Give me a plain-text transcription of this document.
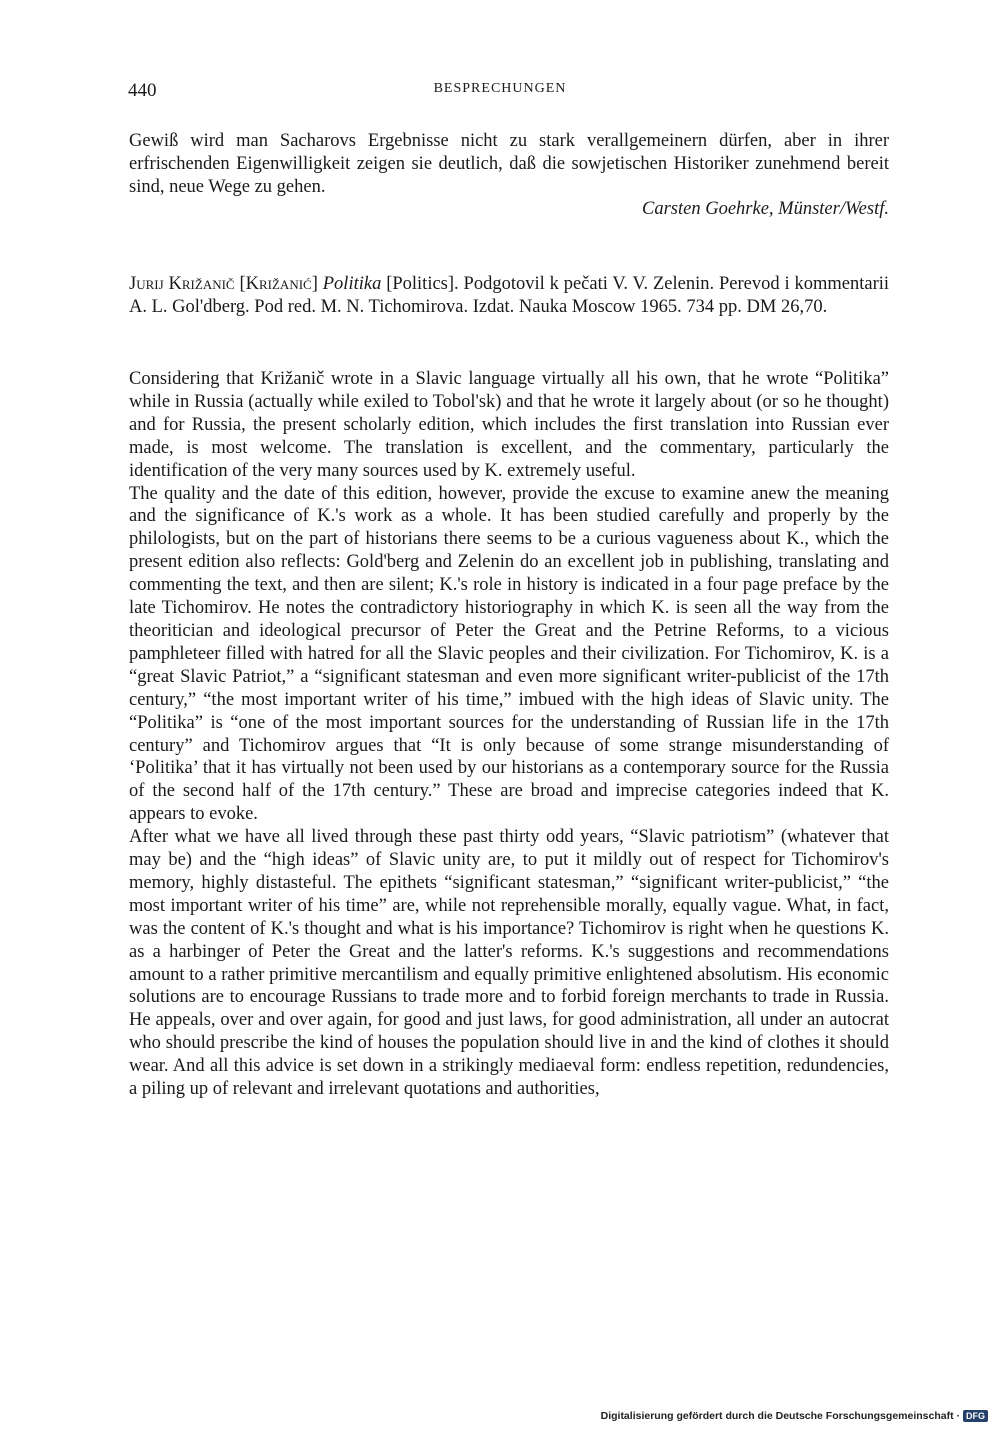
440	BESPRECHUNGEN
Gewiß wird man Sacharovs Ergebnisse nicht zu stark verallgemeinern dürfen, aber in ihrer erfrischenden Eigenwilligkeit zeigen sie deutlich, daß die sowjetischen Historiker zunehmend bereit sind, neue Wege zu gehen.
Carsten Goehrke, Münster/Westf.
Jurij Križanič [Križanić] Politika [Politics]. Podgotovil k pečati V. V. Zelenin. Perevod i kommentarii A. L. Gol'dberg. Pod red. M. N. Tichomirova. Izdat. Nauka Moscow 1965. 734 pp. DM 26,70.

Considering that Križanič wrote in a Slavic language virtually all his own, that he wrote “Politika” while in Russia (actually while exiled to Tobol'sk) and that he wrote it largely about (or so he thought) and for Russia, the present scholarly edition, which includes the first translation into Russian ever made, is most welcome. The translation is excellent, and the commentary, particularly the identification of the very many sources used by K. extremely useful.

The quality and the date of this edition, however, provide the excuse to examine anew the meaning and the significance of K.'s work as a whole. It has been studied carefully and properly by the philologists, but on the part of historians there seems to be a curious vagueness about K., which the present edition also reflects: Gold'berg and Zelenin do an excellent job in publishing, translating and commenting the text, and then are silent; K.'s role in history is indicated in a four page preface by the late Tichomirov. He notes the contradictory historiography in which K. is seen all the way from the theoritician and ideological precursor of Peter the Great and the Petrine Reforms, to a vicious pamphleteer filled with hatred for all the Slavic peoples and their civilization. For Tichomirov, K. is a “great Slavic Patriot,” a “significant statesman and even more significant writer-publicist of the 17th century,” “the most important writer of his time,” imbued with the high ideas of Slavic unity. The “Politika” is “one of the most important sources for the understanding of Russian life in the 17th century” and Tichomirov argues that “It is only because of some strange misunderstanding of ‘Politika’ that it has virtually not been used by our historians as a contemporary source for the Russia of the second half of the 17th century.” These are broad and imprecise categories indeed that K. appears to evoke.

After what we have all lived through these past thirty odd years, “Slavic patriotism” (whatever that may be) and the “high ideas” of Slavic unity are, to put it mildly out of respect for Tichomirov's memory, highly distasteful. The epithets “significant statesman,” “significant writer-publicist,” “the most important writer of his time” are, while not reprehensible morally, equally vague. What, in fact, was the content of K.'s thought and what is his importance? Tichomirov is right when he questions K. as a harbinger of Peter the Great and the latter's reforms. K.'s suggestions and recommendations amount to a rather primitive mercantilism and equally primitive enlightened absolutism. His economic solutions are to encourage Russians to trade more and to forbid foreign merchants to trade in Russia. He appeals, over and over again, for good and just laws, for good administration, all under an autocrat who should prescribe the kind of houses the population should live in and the kind of clothes it should wear. And all this advice is set down in a strikingly mediaeval form: endless repetition, redundencies, a piling up of relevant and irrelevant quotations and authorities,

Digitalisierung gefördert durch die Deutsche Forschungsgemeinschaft · DFG
